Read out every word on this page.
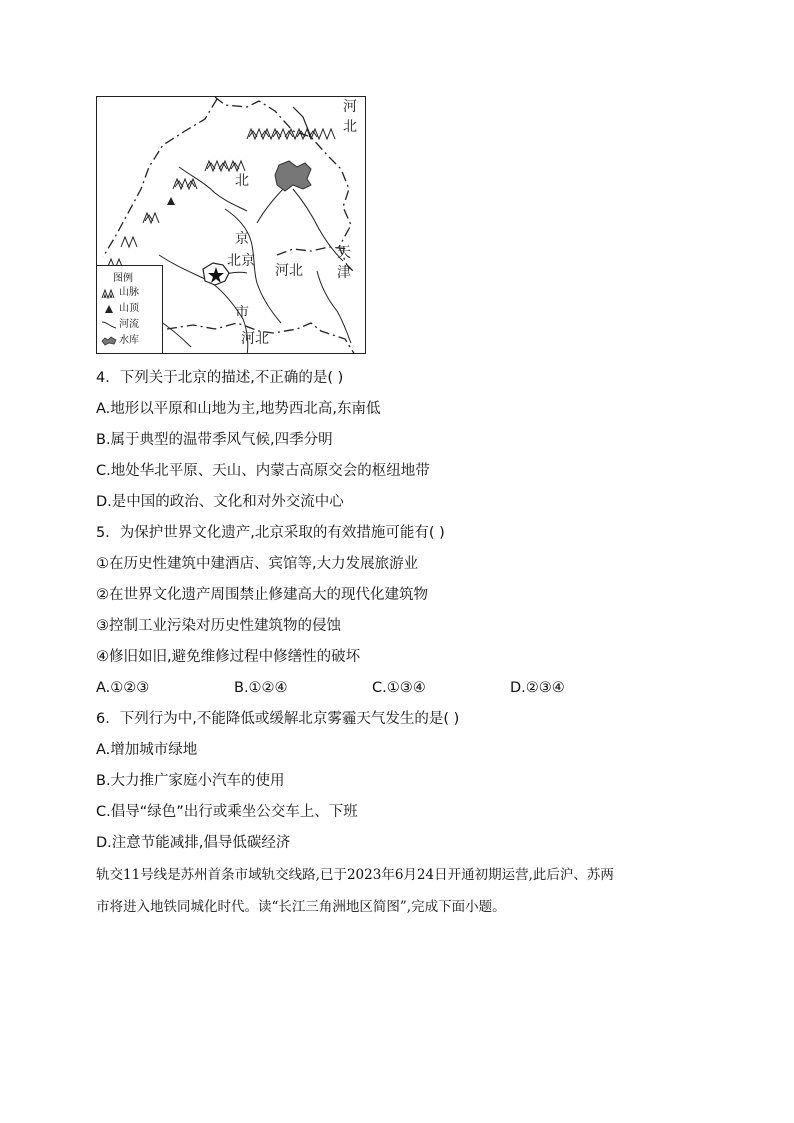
河
北
北
京
北京
河北
天
津
市
河北
图例
山脉
山顶
河流
水库
4．下列关于北京的描述,不正确的是( )
A.地形以平原和山地为主,地势西北高,东南低
B.属于典型的温带季风气候,四季分明
C.地处华北平原、天山、内蒙古高原交会的枢纽地带
D.是中国的政治、文化和对外交流中心
5．为保护世界文化遗产,北京采取的有效措施可能有( )
①在历史性建筑中建酒店、宾馆等,大力发展旅游业
②在世界文化遗产周围禁止修建高大的现代化建筑物
③控制工业污染对历史性建筑物的侵蚀
④修旧如旧,避免维修过程中修缮性的破坏
A.①②③	B.①②④	C.①③④	D.②③④
6．下列行为中,不能降低或缓解北京雾霾天气发生的是( )
A.增加城市绿地
B.大力推广家庭小汽车的使用
C.倡导“绿色”出行或乘坐公交车上、下班
D.注意节能减排,倡导低碳经济
轨交11号线是苏州首条市域轨交线路,已于2023年6月24日开通初期运营,此后沪、苏两
市将进入地铁同城化时代。读“长江三角洲地区简图”,完成下面小题。
